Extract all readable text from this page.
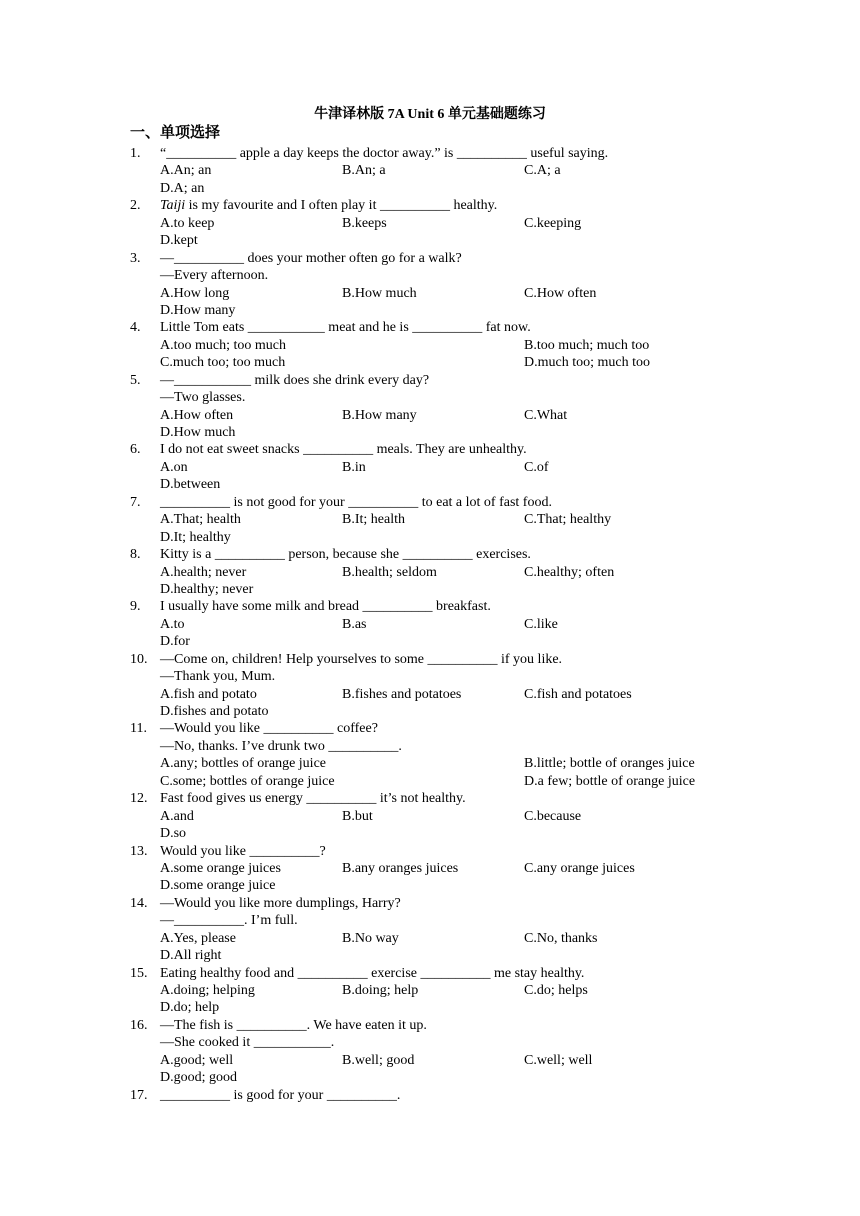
牛津译林版 7A Unit 6 单元基础题练习
一、单项选择
1. “__________ apple a day keeps the doctor away.” is __________ useful saying.
A.An; an	B.An; a	C.A; a
D.A; an
2. Taiji is my favourite and I often play it __________ healthy.
A.to keep	B.keeps	C.keeping
D.kept
3. —__________ does your mother often go for a walk?
—Every afternoon.
A.How long	B.How much	C.How often
D.How many
4. Little Tom eats ___________ meat and he is __________ fat now.
A.too much; too much	B.too much; much too
C.much too; too much	D.much too; much too
5. —___________ milk does she drink every day?
—Two glasses.
A.How often	B.How many	C.What
D.How much
6. I do not eat sweet snacks __________ meals. They are unhealthy.
A.on	B.in	C.of
D.between
7. __________ is not good for your __________ to eat a lot of fast food.
A.That; health	B.It; health	C.That; healthy
D.It; healthy
8. Kitty is a __________ person, because she __________ exercises.
A.health; never	B.health; seldom	C.healthy; often
D.healthy; never
9. I usually have some milk and bread __________ breakfast.
A.to	B.as	C.like
D.for
10. —Come on, children! Help yourselves to some __________ if you like.
—Thank you, Mum.
A.fish and potato	B.fishes and potatoes	C.fish and potatoes
D.fishes and potato
11. —Would you like __________ coffee?
—No, thanks. I’ve drunk two __________.
A.any; bottles of orange juice	B.little; bottle of oranges juice
C.some; bottles of orange juice	D.a few; bottle of orange juice
12. Fast food gives us energy __________ it’s not healthy.
A.and	B.but	C.because
D.so
13. Would you like __________?
A.some orange juices	B.any oranges juices	C.any orange juices
D.some orange juice
14. —Would you like more dumplings, Harry?
—__________. I’m full.
A.Yes, please	B.No way	C.No, thanks
D.All right
15. Eating healthy food and __________ exercise __________ me stay healthy.
A.doing; helping	B.doing; help	C.do; helps
D.do; help
16. —The fish is __________. We have eaten it up.
—She cooked it ___________.
A.good; well	B.well; good	C.well; well
D.good; good
17. __________ is good for your __________.
